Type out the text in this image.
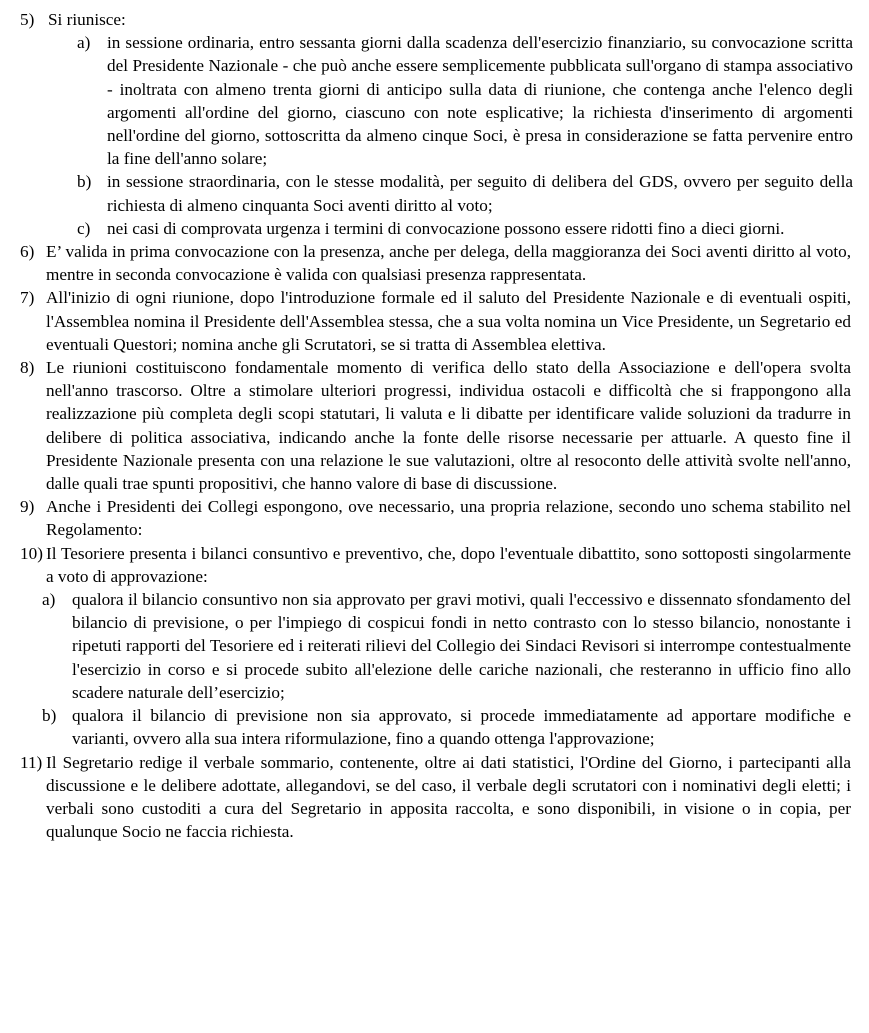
5) Si riunisce:
a) in sessione ordinaria, entro sessanta giorni dalla scadenza dell'esercizio finanziario, su convocazione scritta del Presidente Nazionale - che può anche essere semplicemente pubblicata sull'organo di stampa associativo - inoltrata con almeno trenta giorni di anticipo sulla data di riunione, che contenga anche l'elenco degli argomenti all'ordine del giorno, ciascuno con note esplicative; la richiesta d'inserimento di argomenti nell'ordine del giorno, sottoscritta da almeno cinque Soci, è presa in considerazione se fatta pervenire entro la fine dell'anno solare;
b) in sessione straordinaria, con le stesse modalità, per seguito di delibera del GDS, ovvero per seguito della richiesta di almeno cinquanta Soci aventi diritto al voto;
c) nei casi di comprovata urgenza i termini di convocazione possono essere ridotti fino a dieci giorni.
6) E’ valida in prima convocazione con la presenza, anche per delega, della maggioranza dei Soci aventi diritto al voto, mentre in seconda convocazione è valida con qualsiasi presenza rappresentata.
7) All'inizio di ogni riunione, dopo l'introduzione formale ed il saluto del Presidente Nazionale e di eventuali ospiti, l'Assemblea nomina il Presidente dell'Assemblea stessa, che a sua volta nomina un Vice Presidente, un Segretario ed eventuali Questori; nomina anche gli Scrutatori, se si tratta di Assemblea elettiva.
8) Le riunioni costituiscono fondamentale momento di verifica dello stato della Associazione e dell'opera svolta nell'anno trascorso. Oltre a stimolare ulteriori progressi, individua ostacoli e difficoltà che si frappongono alla realizzazione più completa degli scopi statutari, li valuta e li dibatte per identificare valide soluzioni da tradurre in delibere di politica associativa, indicando anche la fonte delle risorse necessarie per attuarle. A questo fine il Presidente Nazionale presenta con una relazione le sue valutazioni, oltre al resoconto delle attività svolte nell'anno, dalle quali trae spunti propositivi, che hanno valore di base di discussione.
9) Anche i Presidenti dei Collegi espongono, ove necessario, una propria relazione, secondo uno schema stabilito nel Regolamento:
10) Il Tesoriere presenta i bilanci consuntivo e preventivo, che, dopo l'eventuale dibattito, sono sottoposti singolarmente a voto di approvazione:
a) qualora il bilancio consuntivo non sia approvato per gravi motivi, quali l'eccessivo e dissennato sfondamento del bilancio di previsione, o per l'impiego di cospicui fondi in netto contrasto con lo stesso bilancio, nonostante i ripetuti rapporti del Tesoriere ed i reiterati rilievi del Collegio dei Sindaci Revisori si interrompe contestualmente l'esercizio in corso e si procede subito all'elezione delle cariche nazionali, che resteranno in ufficio fino allo scadere naturale dell’esercizio;
b) qualora il bilancio di previsione non sia approvato, si procede immediatamente ad apportare modifiche e varianti, ovvero alla sua intera riformulazione, fino a quando ottenga l'approvazione;
11) Il Segretario redige il verbale sommario, contenente, oltre ai dati statistici, l'Ordine del Giorno, i partecipanti alla discussione e le delibere adottate, allegandovi, se del caso, il verbale degli scrutatori con i nominativi degli eletti; i verbali sono custoditi a cura del Segretario in apposita raccolta, e sono disponibili, in visione o in copia, per qualunque Socio ne faccia richiesta.
